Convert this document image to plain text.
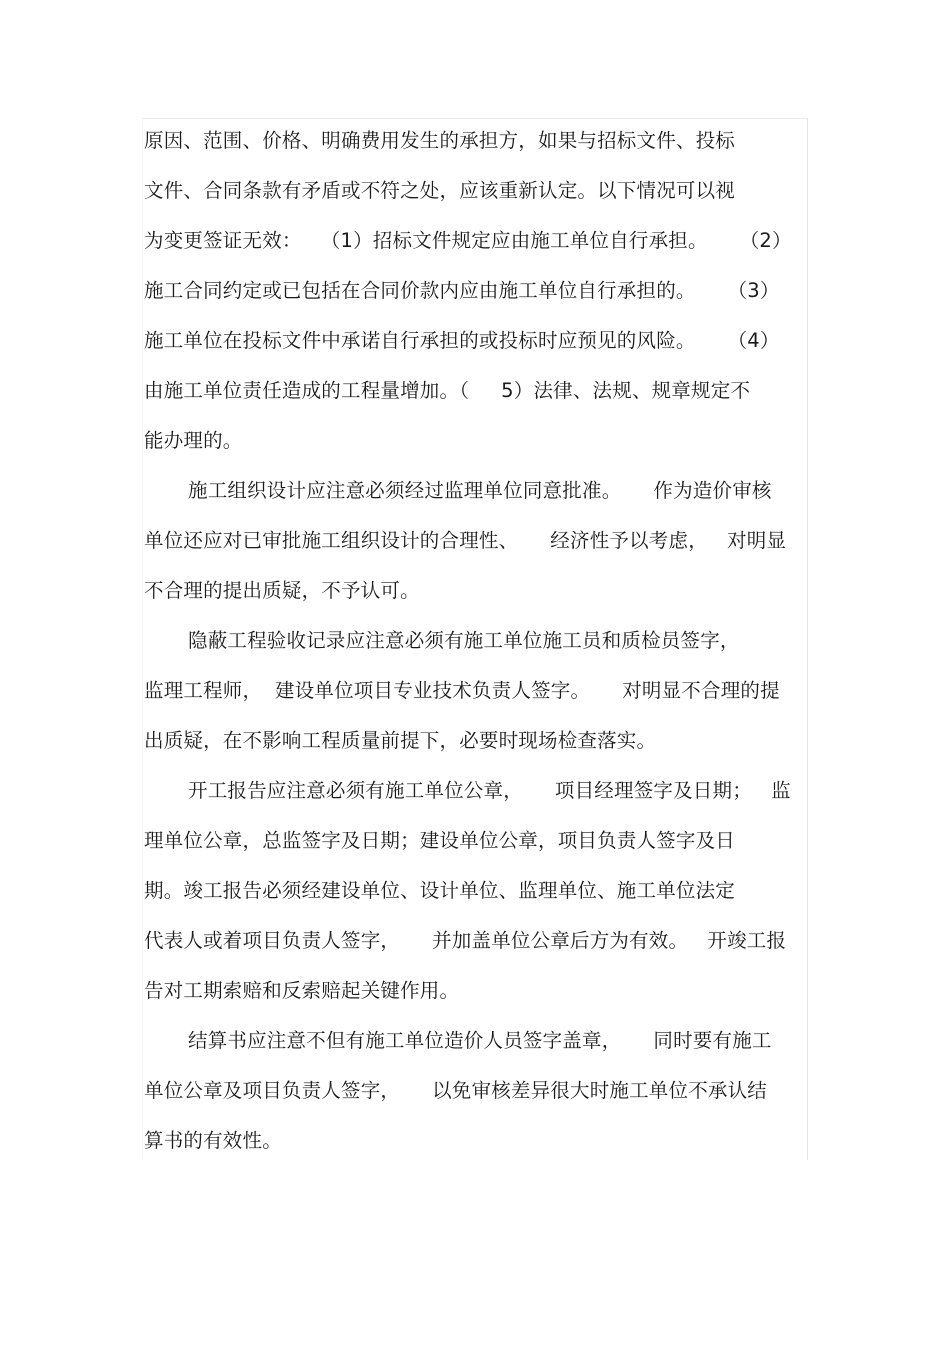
原因、范围、价格、明确费用发生的承担方，如果与招标文件、投标
文件、合同条款有矛盾或不符之处，应该重新认定。以下情况可以视
为变更签证无效：   （1）招标文件规定应由施工单位自行承担。     （2）
施工合同约定或已包括在合同价款内应由施工单位自行承担的。     （3）
施工单位在投标文件中承诺自行承担的或投标时应预见的风险。     （4）
由施工单位责任造成的工程量增加。（     5）法律、法规、规章规定不
能办理的。
施工组织设计应注意必须经过监理单位同意批准。     作为造价审核
单位还应对已审批施工组织设计的合理性、     经济性予以考虑，   对明显
不合理的提出质疑，不予认可。
隐蔽工程验收记录应注意必须有施工单位施工员和质检员签字，
监理工程师，  建设单位项目专业技术负责人签字。     对明显不合理的提
出质疑，在不影响工程质量前提下，必要时现场检查落实。
开工报告应注意必须有施工单位公章，     项目经理签字及日期；   监
理单位公章，总监签字及日期；建设单位公章，项目负责人签字及日
期。竣工报告必须经建设单位、设计单位、监理单位、施工单位法定
代表人或着项目负责人签字，     并加盖单位公章后方为有效。   开竣工报
告对工期索赔和反索赔起关键作用。
结算书应注意不但有施工单位造价人员签字盖章，     同时要有施工
单位公章及项目负责人签字，     以免审核差异很大时施工单位不承认结
算书的有效性。
